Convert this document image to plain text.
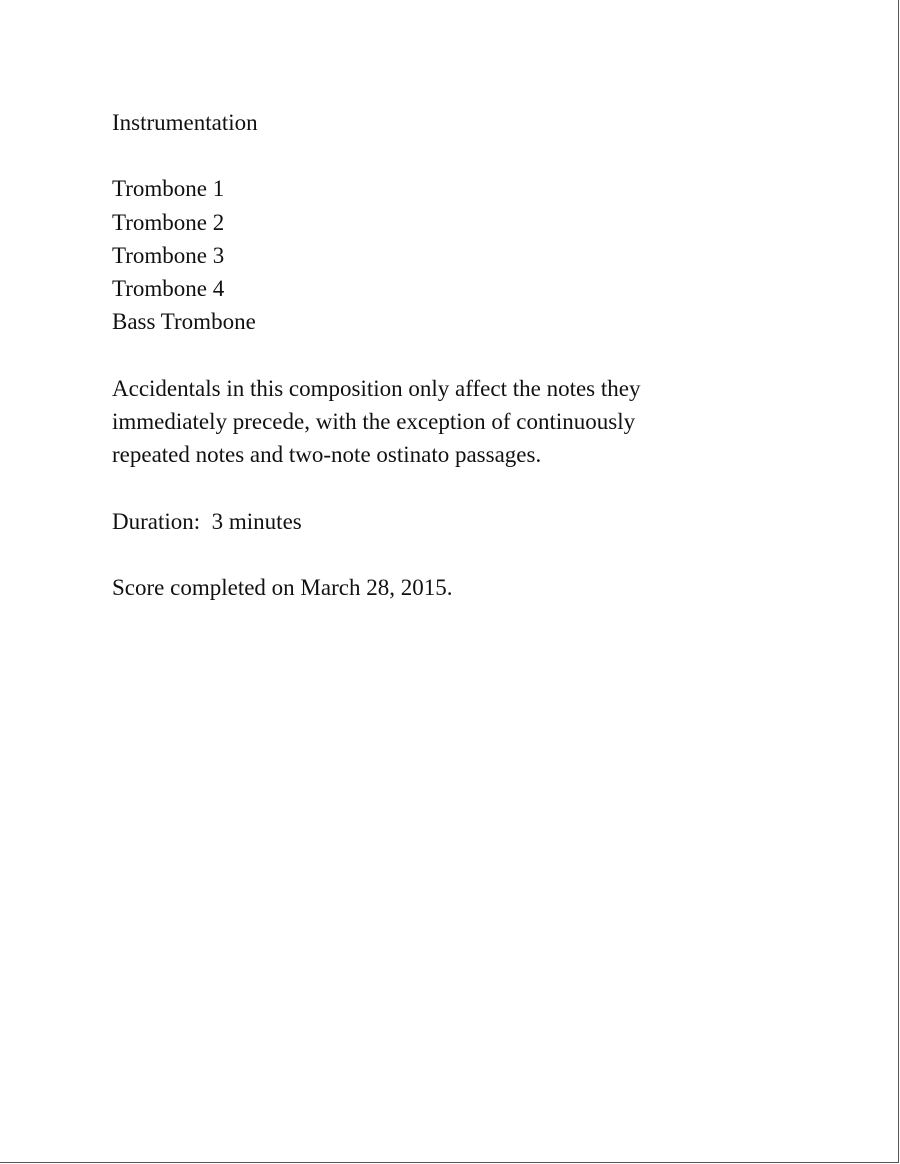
Instrumentation

Trombone 1
Trombone 2
Trombone 3
Trombone 4
Bass Trombone

Accidentals in this composition only affect the notes they

immediately precede, with the exception of continuously

repeated notes and two-note ostinato passages.

Duration:  3 minutes

Score completed on March 28, 2015.
